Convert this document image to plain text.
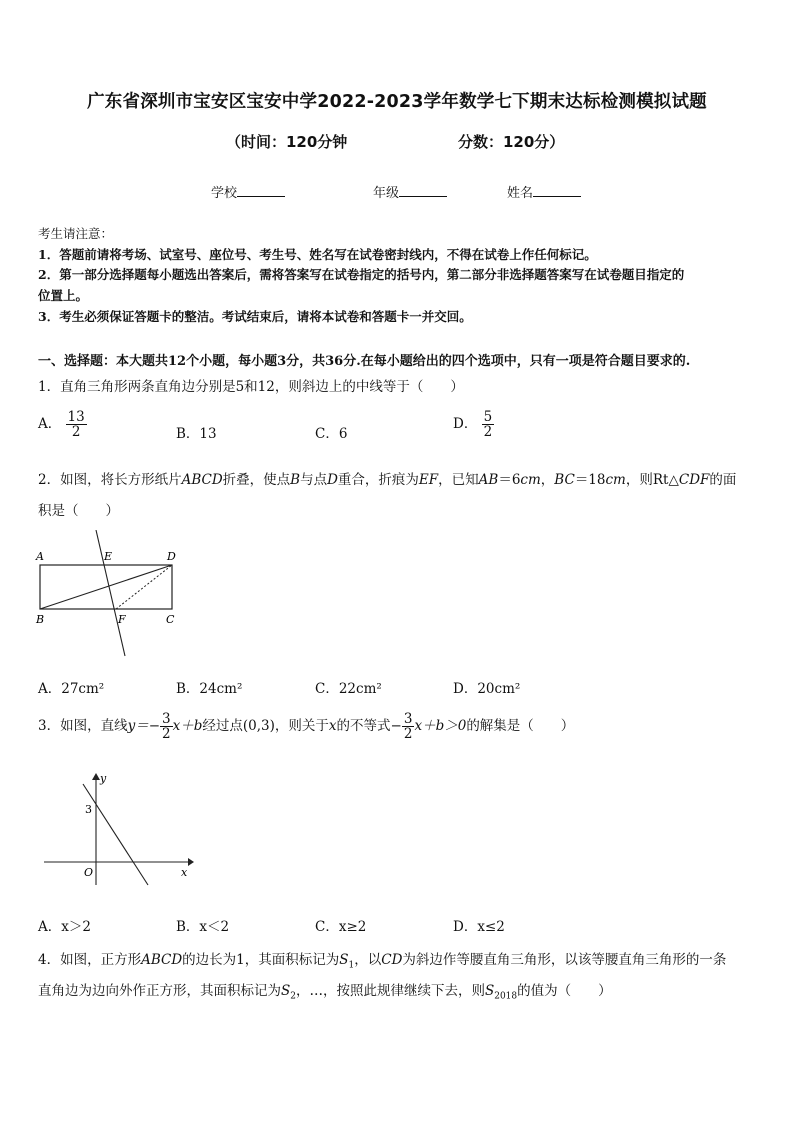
广东省深圳市宝安区宝安中学2022-2023学年数学七下期末达标检测模拟试题
（时间：120分钟	分数：120分）
学校	年级	姓名
考生请注意：
1．答题前请将考场、试室号、座位号、考生号、姓名写在试卷密封线内，不得在试卷上作任何标记。
2．第一部分选择题每小题选出答案后，需将答案写在试卷指定的括号内，第二部分非选择题答案写在试卷题目指定的
位置上。
3．考生必须保证答题卡的整洁。考试结束后，请将本试卷和答题卡一并交回。
一、选择题：本大题共12个小题，每小题3分，共36分.在每小题给出的四个选项中，只有一项是符合题目要求的.
1．直角三角形两条直角边分别是5和12，则斜边上的中线等于（　　）
A． $\frac{13}{2}$	B．13	C．6
D． $\frac{5}{2}$
2．如图，将长方形纸片ABCD折叠，使点B与点D重合，折痕为EF，已知AB＝6cm，BC＝18cm，则Rt△CDF的面
积是（　　）
A	E	D
B	F	C
A．27cm²	B．24cm²	C．22cm²	D．20cm²
3．如图，直线$y=- \frac{3}{2} x+b$经过点(0,3)，则关于x的不等式− $\frac{3}{2} x+b>0$的解集是（　　）
y
x
O
3
A．x＞2	B．x＜2	C．x≥2	D．x≤2
4．如图，正方形ABCD的边长为1，其面积标记为$S_1$，以CD为斜边作等腰直角三角形，以该等腰直角三角形的一条
直角边为边向外作正方形，其面积标记为$S_2$，…，按照此规律继续下去，则$S_{2018}$的值为（　　）
